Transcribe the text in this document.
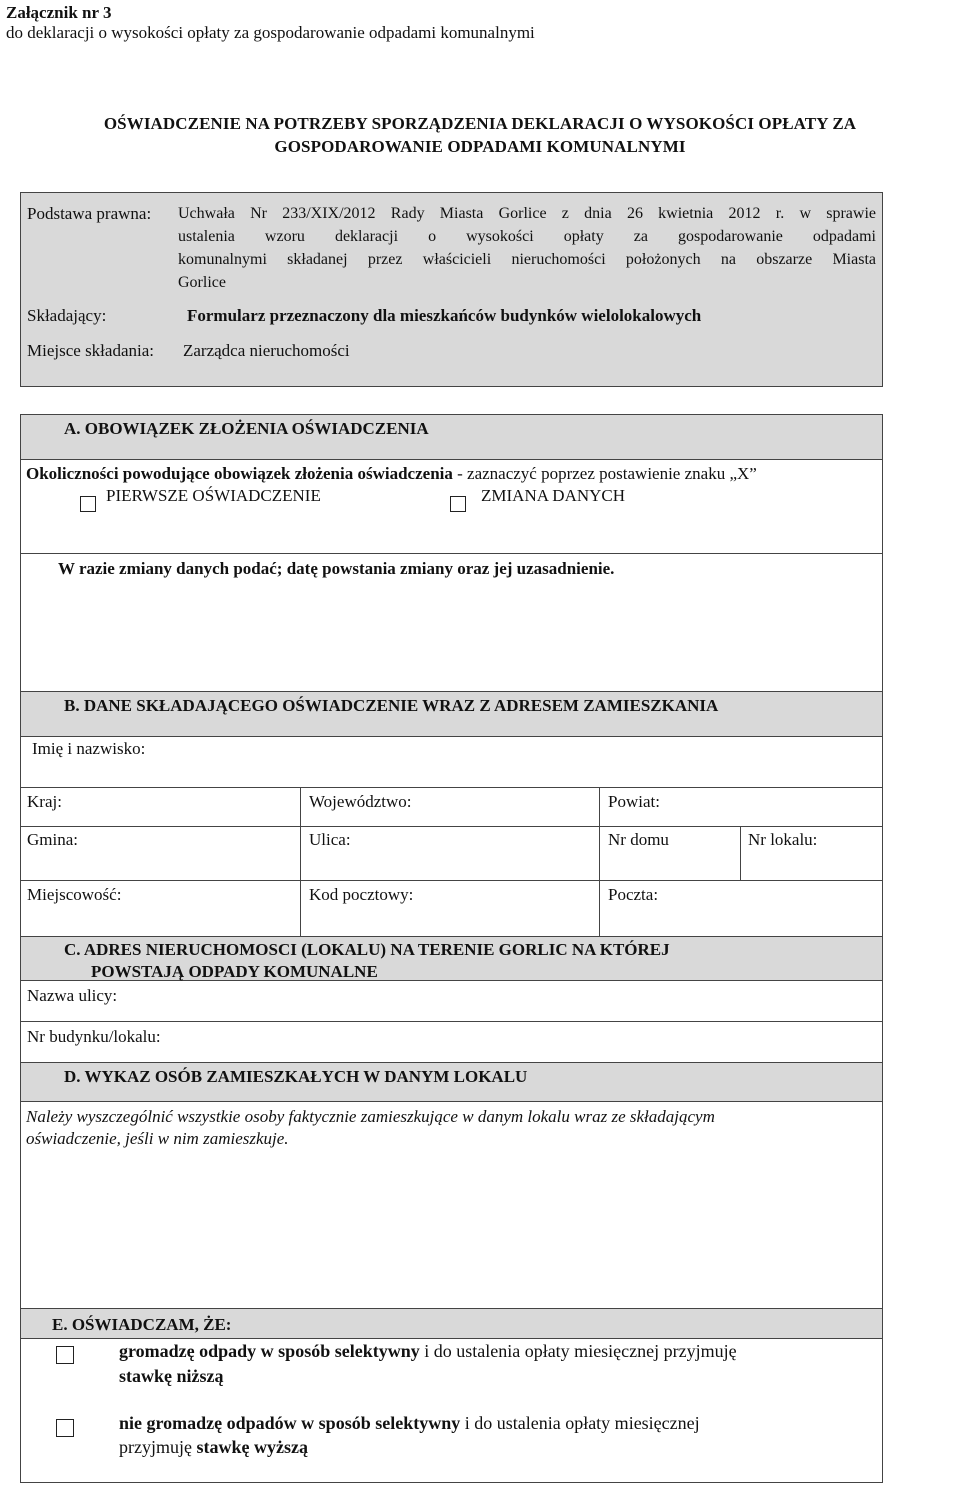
Załącznik nr 3
do deklaracji o wysokości opłaty za gospodarowanie odpadami komunalnymi
OŚWIADCZENIE NA POTRZEBY SPORZĄDZENIA DEKLARACJI O WYSOKOŚCI OPŁATY ZA
GOSPODAROWANIE ODPADAMI KOMUNALNYMI
Podstawa prawna: Uchwała Nr 233/XIX/2012 Rady Miasta Gorlice z dnia 26 kwietnia 2012 r. w sprawie
ustalenia wzoru deklaracji o wysokości opłaty za gospodarowanie odpadami
komunalnymi składanej przez właścicieli nieruchomości położonych na obszarze Miasta
Gorlice
Składający:	Formularz przeznaczony dla mieszkańców budynków wielolokalowych
Miejsce składania: Zarządca nieruchomości
A. OBOWIĄZEK ZŁOŻENIA OŚWIADCZENIA
Okoliczności powodujące obowiązek złożenia oświadczenia - zaznaczyć poprzez postawienie znaku „X”
PIERWSZE OŚWIADCZENIE	ZMIANA DANYCH
W razie zmiany danych podać; datę powstania zmiany oraz jej uzasadnienie.
B. DANE SKŁADAJĄCEGO OŚWIADCZENIE WRAZ Z ADRESEM ZAMIESZKANIA
Imię i nazwisko:
Kraj:	Województwo:	Powiat:
Gmina:	Ulica:	Nr domu	Nr lokalu:
Miejscowość:	Kod pocztowy:	Poczta:
C. ADRES NIERUCHOMOSCI (LOKALU) NA TERENIE GORLIC NA KTÓREJ
POWSTAJĄ ODPADY KOMUNALNE
Nazwa ulicy:
Nr budynku/lokalu:
D. WYKAZ OSÓB ZAMIESZKAŁYCH W DANYM LOKALU
Należy wyszczególnić wszystkie osoby faktycznie zamieszkujące w danym lokalu wraz ze składającym
oświadczenie, jeśli w nim zamieszkuje.
E. OŚWIADCZAM, ŻE:
gromadzę odpady w sposób selektywny i do ustalenia opłaty miesięcznej przyjmuję
stawkę niższą
nie gromadzę odpadów w sposób selektywny i do ustalenia opłaty miesięcznej
przyjmuję stawkę wyższą
